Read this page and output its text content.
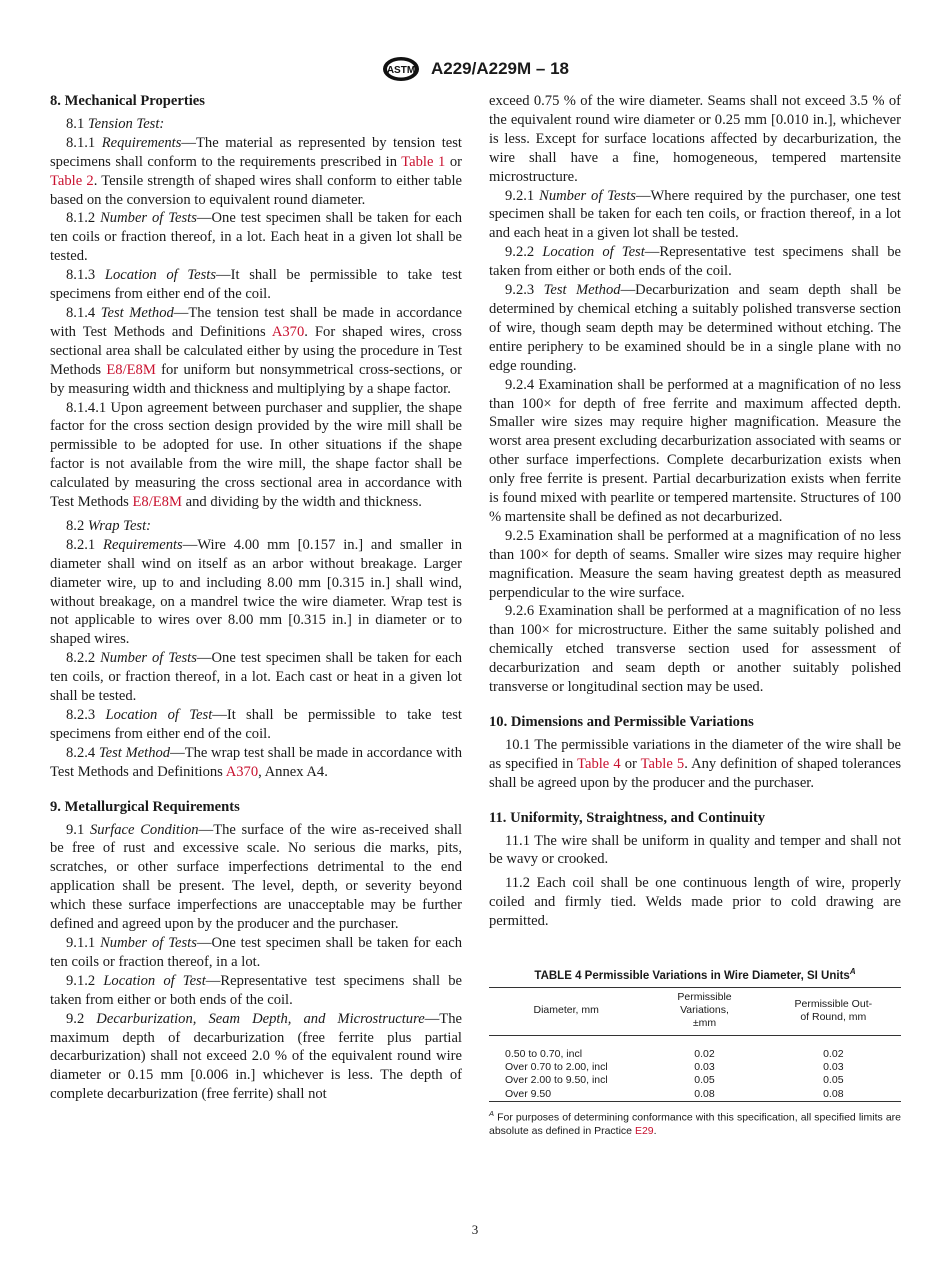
ASTM A229/A229M – 18
8. Mechanical Properties

8.1 Tension Test:

8.1.1 Requirements—The material as represented by tension test specimens shall conform to the requirements prescribed in Table 1 or Table 2. Tensile strength of shaped wires shall conform to either table based on the conversion to equivalent round diameter.

8.1.2 Number of Tests—One test specimen shall be taken for each ten coils or fraction thereof, in a lot. Each heat in a given lot shall be tested.

8.1.3 Location of Tests—It shall be permissible to take test specimens from either end of the coil.

8.1.4 Test Method—The tension test shall be made in accordance with Test Methods and Definitions A370. For shaped wires, cross sectional area shall be calculated either by using the procedure in Test Methods E8/E8M for uniform but nonsymmetrical cross-sections, or by measuring width and thickness and multiplying by a shape factor.

8.1.4.1 Upon agreement between purchaser and supplier, the shape factor for the cross section design provided by the wire mill shall be permissible to be adopted for use. In other situations if the shape factor is not available from the wire mill, the shape factor shall be calculated by measuring the cross sectional area in accordance with Test Methods E8/E8M and dividing by the width and thickness.

8.2 Wrap Test:

8.2.1 Requirements—Wire 4.00 mm [0.157 in.] and smaller in diameter shall wind on itself as an arbor without breakage. Larger diameter wire, up to and including 8.00 mm [0.315 in.] shall wind, without breakage, on a mandrel twice the wire diameter. Wrap test is not applicable to wires over 8.00 mm [0.315 in.] in diameter or to shaped wires.

8.2.2 Number of Tests—One test specimen shall be taken for each ten coils, or fraction thereof, in a lot. Each cast or heat in a given lot shall be tested.

8.2.3 Location of Test—It shall be permissible to take test specimens from either end of the coil.

8.2.4 Test Method—The wrap test shall be made in accordance with Test Methods and Definitions A370, Annex A4.

9. Metallurgical Requirements

9.1 Surface Condition—The surface of the wire as-received shall be free of rust and excessive scale. No serious die marks, pits, scratches, or other surface imperfections detrimental to the end application shall be present. The level, depth, or severity beyond which these surface imperfections are unacceptable may be further defined and agreed upon by the producer and the purchaser.

9.1.1 Number of Tests—One test specimen shall be taken for each ten coils or fraction thereof, in a lot.

9.1.2 Location of Test—Representative test specimens shall be taken from either or both ends of the coil.

9.2 Decarburization, Seam Depth, and Microstructure—The maximum depth of decarburization (free ferrite plus partial decarburization) shall not exceed 2.0 % of the equivalent round wire diameter or 0.15 mm [0.006 in.] whichever is less. The depth of complete decarburization (free ferrite) shall not

exceed 0.75 % of the wire diameter. Seams shall not exceed 3.5 % of the equivalent round wire diameter or 0.25 mm [0.010 in.], whichever is less. Except for surface locations affected by decarburization, the wire shall have a fine, homogeneous, tempered martensite microstructure.

9.2.1 Number of Tests—Where required by the purchaser, one test specimen shall be taken for each ten coils, or fraction thereof, in a lot and each heat in a given lot shall be tested.

9.2.2 Location of Test—Representative test specimens shall be taken from either or both ends of the coil.

9.2.3 Test Method—Decarburization and seam depth shall be determined by chemical etching a suitably polished transverse section of wire, though seam depth may be determined without etching. The entire periphery to be examined should be in a single plane with no edge rounding.

9.2.4 Examination shall be performed at a magnification of no less than 100× for depth of free ferrite and maximum affected depth. Smaller wire sizes may require higher magnification. Measure the worst area present excluding decarburization associated with seams or other surface imperfections. Complete decarburization exists when only free ferrite is present. Partial decarburization exists when ferrite is found mixed with pearlite or tempered martensite. Structures of 100 % martensite shall be defined as not decarburized.

9.2.5 Examination shall be performed at a magnification of no less than 100× for depth of seams. Smaller wire sizes may require higher magnification. Measure the seam having greatest depth as measured perpendicular to the wire surface.

9.2.6 Examination shall be performed at a magnification of no less than 100× for microstructure. Either the same suitably polished and chemically etched transverse section used for assessment of decarburization and seam depth or another suitably polished transverse or longitudinal section may be used.

10. Dimensions and Permissible Variations

10.1 The permissible variations in the diameter of the wire shall be as specified in Table 4 or Table 5. Any definition of shaped tolerances shall be agreed upon by the producer and the purchaser.

11. Uniformity, Straightness, and Continuity

11.1 The wire shall be uniform in quality and temper and shall not be wavy or crooked.

11.2 Each coil shall be one continuous length of wire, properly coiled and firmly tied. Welds made prior to cold drawing are permitted.

TABLE 4 Permissible Variations in Wire Diameter, SI Units$^A$
Diameter, mm	Permissible Variations, ±mm	Permissible Out-of Round, mm
0.50 to 0.70, incl	0.02	0.02
Over 0.70 to 2.00, incl	0.03	0.03
Over 2.00 to 9.50, incl	0.05	0.05
Over 9.50	0.08	0.08
$^A$ For purposes of determining conformance with this specification, all specified limits are absolute as defined in Practice E29.
3
